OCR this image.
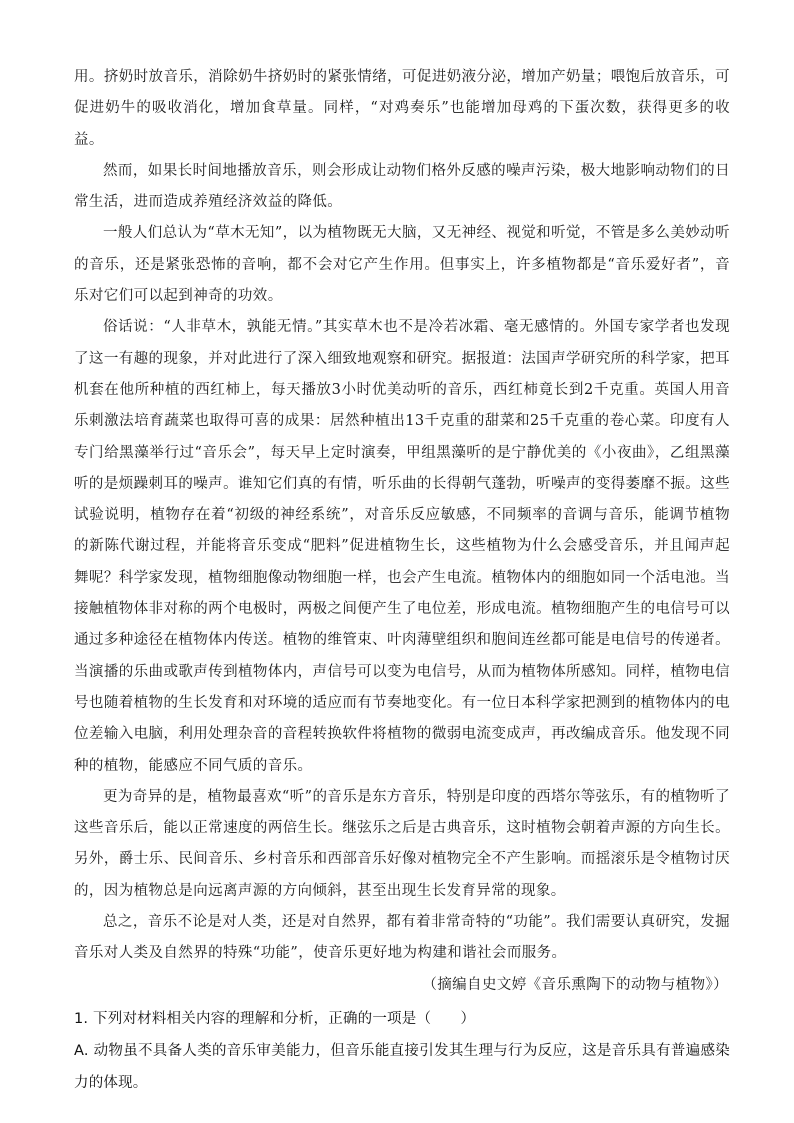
用。挤奶时放音乐，消除奶牛挤奶时的紧张情绪，可促进奶液分泌，增加产奶量；喂饱后放音乐，可促进奶牛的吸收消化，增加食草量。同样，“对鸡奏乐”也能增加母鸡的下蛋次数，获得更多的收益。

然而，如果长时间地播放音乐，则会形成让动物们格外反感的噪声污染，极大地影响动物们的日常生活，进而造成养殖经济效益的降低。

一般人们总认为“草木无知”，以为植物既无大脑，又无神经、视觉和听觉，不管是多么美妙动听的音乐，还是紧张恐怖的音响，都不会对它产生作用。但事实上，许多植物都是“音乐爱好者”，音乐对它们可以起到神奇的功效。

俗话说：“人非草木，孰能无情。”其实草木也不是冷若冰霜、毫无感情的。外国专家学者也发现了这一有趣的现象，并对此进行了深入细致地观察和研究。据报道：法国声学研究所的科学家，把耳机套在他所种植的西红柿上，每天播放3小时优美动听的音乐，西红柿竟长到2千克重。英国人用音乐刺激法培育蔬菜也取得可喜的成果：居然种植出13千克重的甜菜和25千克重的卷心菜。印度有人专门给黑藻举行过“音乐会”，每天早上定时演奏，甲组黑藻听的是宁静优美的《小夜曲》，乙组黑藻听的是烦躁刺耳的噪声。谁知它们真的有情，听乐曲的长得朝气蓬勃，听噪声的变得萎靡不振。这些试验说明，植物存在着“初级的神经系统”，对音乐反应敏感，不同频率的音调与音乐，能调节植物的新陈代谢过程，并能将音乐变成“肥料”促进植物生长，这些植物为什么会感受音乐，并且闻声起舞呢？科学家发现，植物细胞像动物细胞一样，也会产生电流。植物体内的细胞如同一个活电池。当接触植物体非对称的两个电极时，两极之间便产生了电位差，形成电流。植物细胞产生的电信号可以通过多种途径在植物体内传送。植物的维管束、叶肉薄壁组织和胞间连丝都可能是电信号的传递者。当演播的乐曲或歌声传到植物体内，声信号可以变为电信号，从而为植物体所感知。同样，植物电信号也随着植物的生长发育和对环境的适应而有节奏地变化。有一位日本科学家把测到的植物体内的电位差输入电脑，利用处理杂音的音程转换软件将植物的微弱电流变成声，再改编成音乐。他发现不同种的植物，能感应不同气质的音乐。

更为奇异的是，植物最喜欢“听”的音乐是东方音乐，特别是印度的西塔尔等弦乐，有的植物听了这些音乐后，能以正常速度的两倍生长。继弦乐之后是古典音乐，这时植物会朝着声源的方向生长。另外，爵士乐、民间音乐、乡村音乐和西部音乐好像对植物完全不产生影响。而摇滚乐是令植物讨厌的，因为植物总是向远离声源的方向倾斜，甚至出现生长发育异常的现象。

总之，音乐不论是对人类，还是对自然界，都有着非常奇特的“功能”。我们需要认真研究，发掘音乐对人类及自然界的特殊“功能”，使音乐更好地为构建和谐社会而服务。

（摘编自史文婷《音乐熏陶下的动物与植物》）

1. 下列对材料相关内容的理解和分析，正确的一项是（　　）

A. 动物虽不具备人类的音乐审美能力，但音乐能直接引发其生理与行为反应，这是音乐具有普遍感染力的体现。
